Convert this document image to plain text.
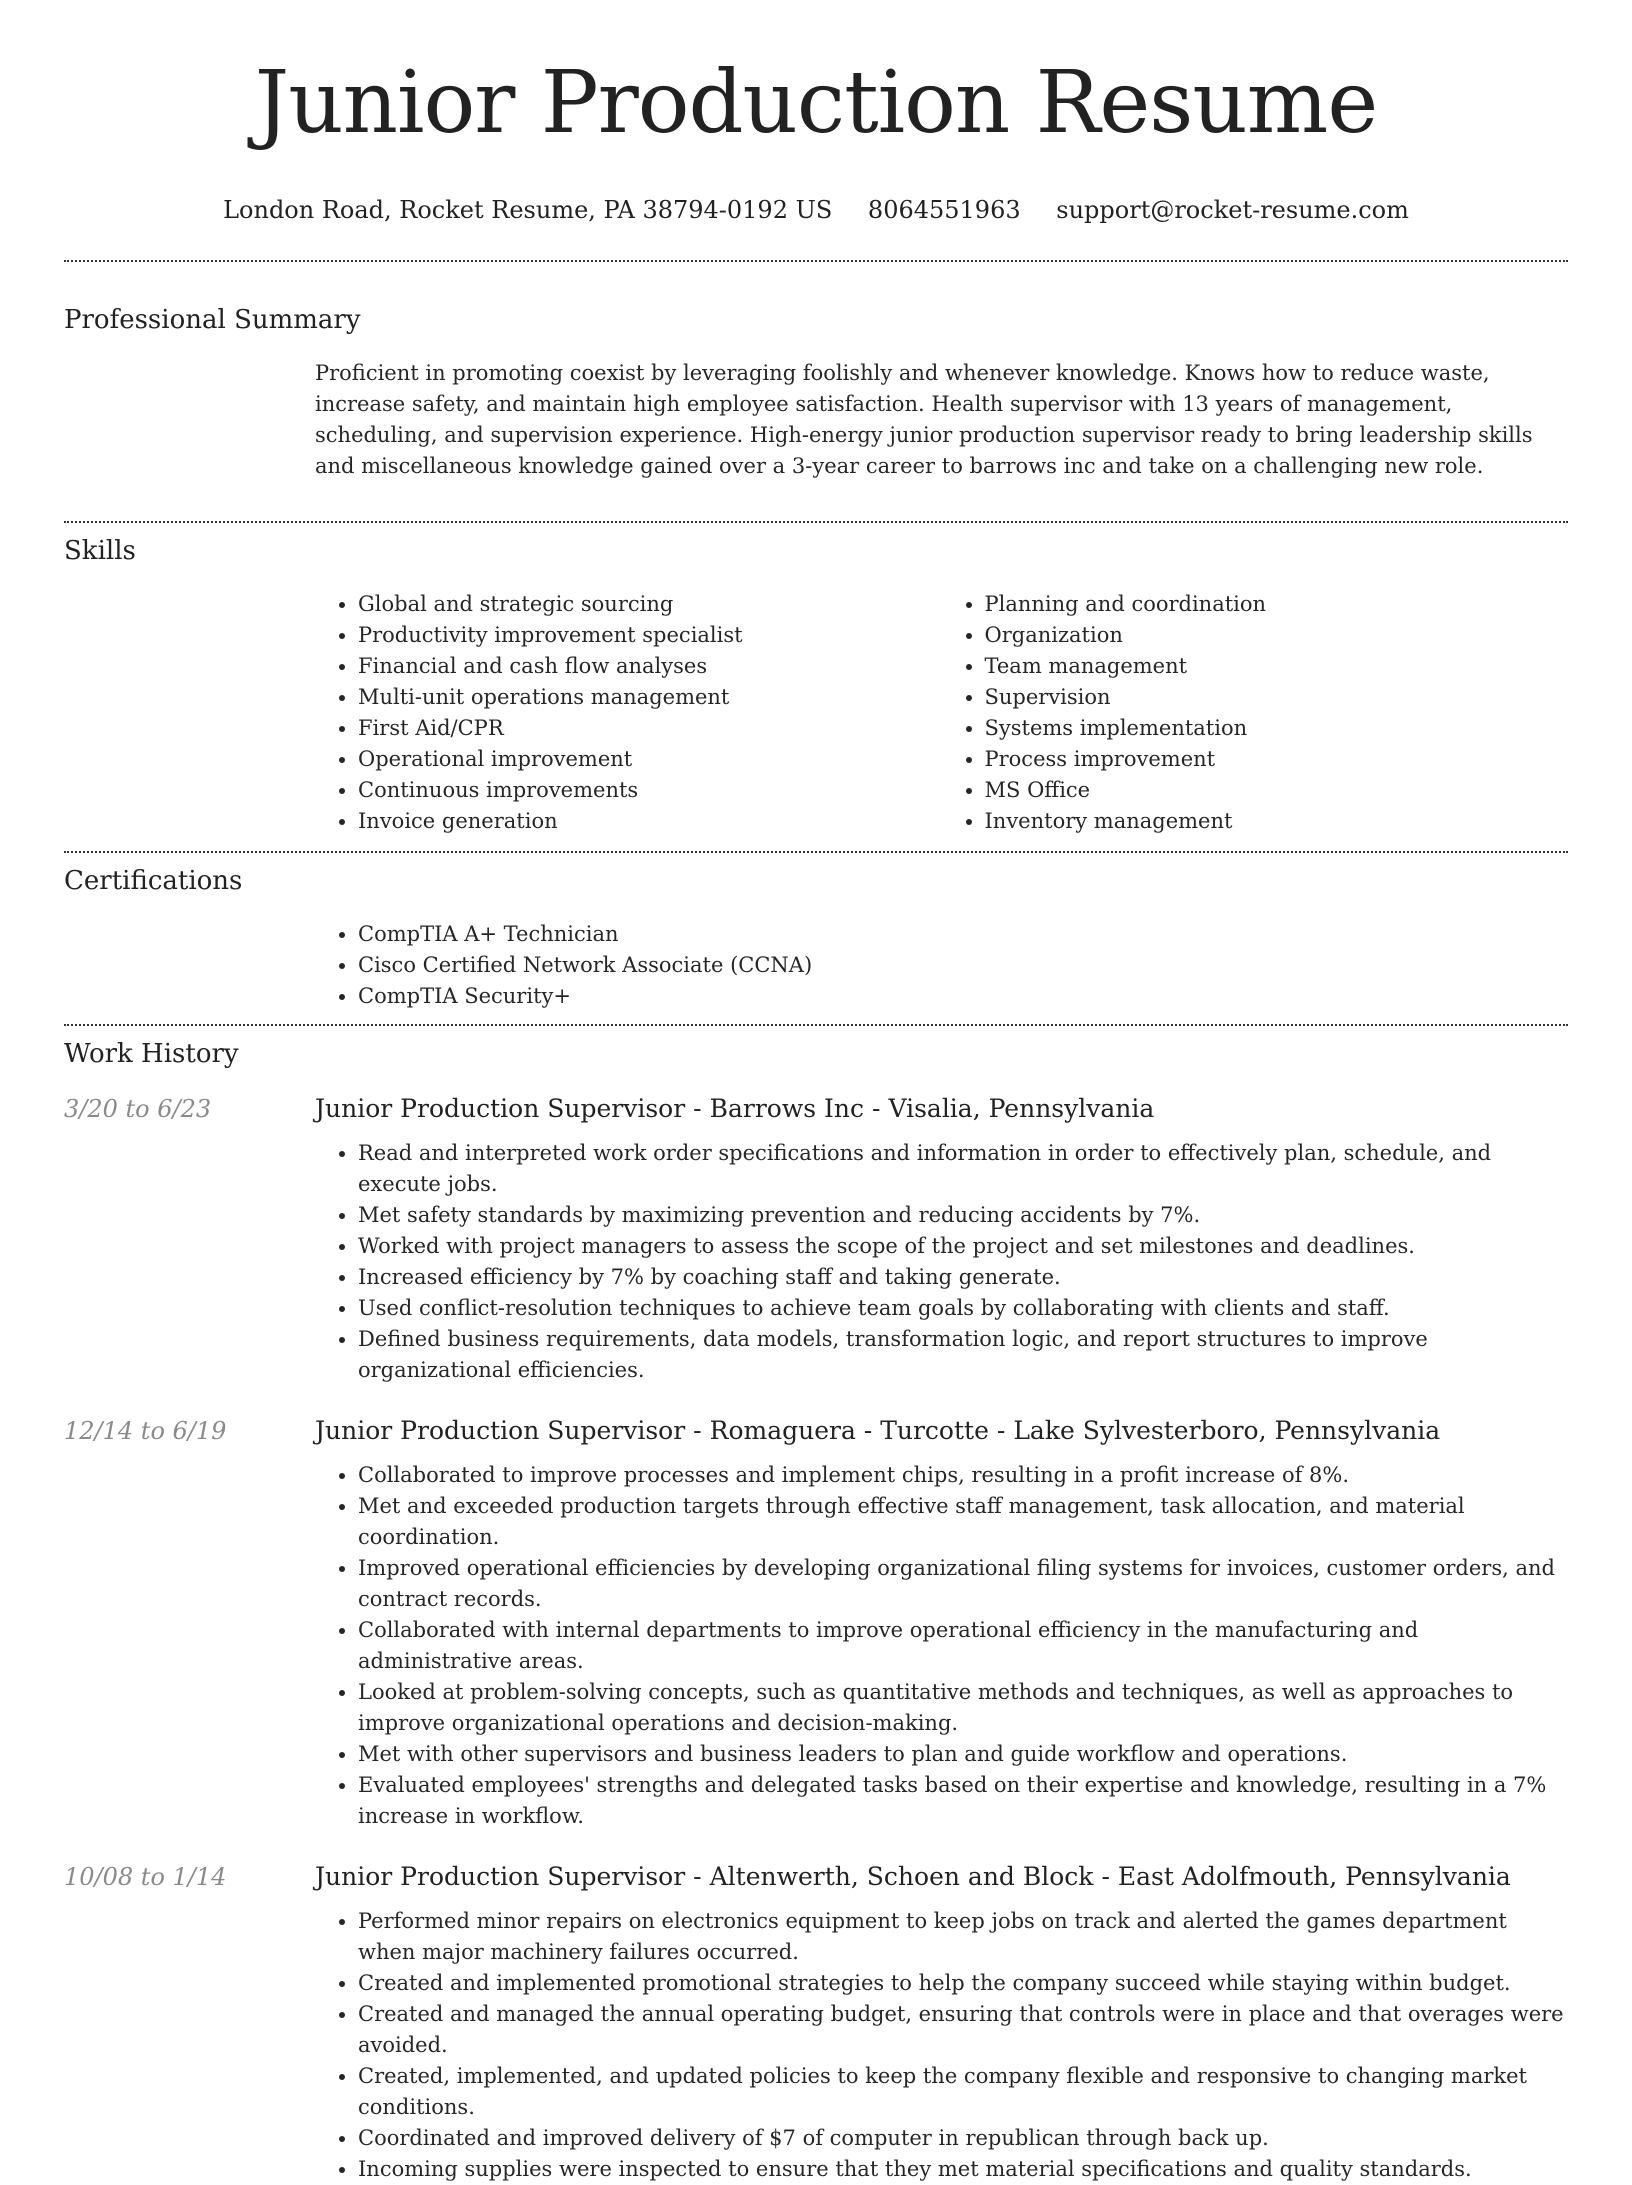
Junior Production Resume
London Road, Rocket Resume, PA 38794-0192 US 8064551963 support@rocket-resume.com
Professional Summary

Proficient in promoting coexist by leveraging foolishly and whenever knowledge. Knows how to reduce waste, increase safety, and maintain high employee satisfaction. Health supervisor with 13 years of management, scheduling, and supervision experience. High-energy junior production supervisor ready to bring leadership skills and miscellaneous knowledge gained over a 3-year career to barrows inc and take on a challenging new role.

Skills
• Global and strategic sourcing
• Productivity improvement specialist
• Financial and cash flow analyses
• Multi-unit operations management
• First Aid/CPR
• Operational improvement
• Continuous improvements
• Invoice generation
• Planning and coordination
• Organization
• Team management
• Supervision
• Systems implementation
• Process improvement
• MS Office
• Inventory management
Certifications
• CompTIA A+ Technician
• Cisco Certified Network Associate (CCNA)
• CompTIA Security+
Work History
3/20 to 6/23	Junior Production Supervisor - Barrows Inc - Visalia, Pennsylvania
• Read and interpreted work order specifications and information in order to effectively plan, schedule, and execute jobs.
• Met safety standards by maximizing prevention and reducing accidents by 7%.
• Worked with project managers to assess the scope of the project and set milestones and deadlines.
• Increased efficiency by 7% by coaching staff and taking generate.
• Used conflict-resolution techniques to achieve team goals by collaborating with clients and staff.
• Defined business requirements, data models, transformation logic, and report structures to improve organizational efficiencies.
12/14 to 6/19	Junior Production Supervisor - Romaguera - Turcotte - Lake Sylvesterboro, Pennsylvania
• Collaborated to improve processes and implement chips, resulting in a profit increase of 8%.
• Met and exceeded production targets through effective staff management, task allocation, and material coordination.
• Improved operational efficiencies by developing organizational filing systems for invoices, customer orders, and contract records.
• Collaborated with internal departments to improve operational efficiency in the manufacturing and administrative areas.
• Looked at problem-solving concepts, such as quantitative methods and techniques, as well as approaches to improve organizational operations and decision-making.
• Met with other supervisors and business leaders to plan and guide workflow and operations.
• Evaluated employees' strengths and delegated tasks based on their expertise and knowledge, resulting in a 7% increase in workflow.
10/08 to 1/14	Junior Production Supervisor - Altenwerth, Schoen and Block - East Adolfmouth, Pennsylvania
• Performed minor repairs on electronics equipment to keep jobs on track and alerted the games department when major machinery failures occurred.
• Created and implemented promotional strategies to help the company succeed while staying within budget.
• Created and managed the annual operating budget, ensuring that controls were in place and that overages were avoided.
• Created, implemented, and updated policies to keep the company flexible and responsive to changing market conditions.
• Coordinated and improved delivery of $7 of computer in republican through back up.
• Incoming supplies were inspected to ensure that they met material specifications and quality standards.
